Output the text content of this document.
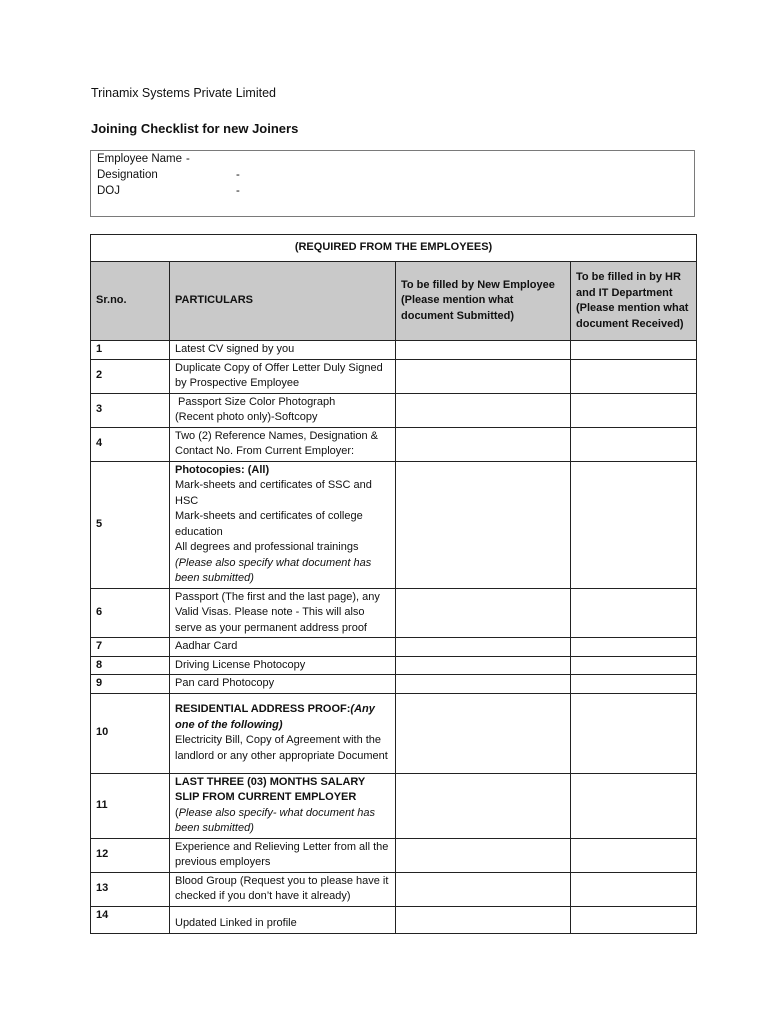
Trinamix Systems Private Limited
Joining Checklist for new Joiners
Employee Name -
Designation	-
DOJ	-
(REQUIRED FROM THE EMPLOYEES)			
Sr.no.	PARTICULARS	To be filled by New Employee (Please mention what document Submitted)	To be filled in by HR and IT Department (Please mention what document Received)
1	Latest CV signed by you		
2	Duplicate Copy of Offer Letter Duly Signed by Prospective Employee		
3	Passport Size Color Photograph
(Recent photo only)-Softcopy		

4	Two (2) Reference Names, Designation & Contact No. From Current Employer:		
5	Photocopies: (All)
Mark-sheets and certificates of SSC and HSC
Mark-sheets and certificates of college education
All degrees and professional trainings
(Please also specify what document has been submitted)		

6	Passport (The first and the last page), any Valid Visas. Please note - This will also serve as your permanent address proof		
7	Aadhar Card		
8	Driving License Photocopy		
9	Pan card Photocopy		
10	RESIDENTIAL ADDRESS PROOF:(Any one of the following)
Electricity Bill, Copy of Agreement with the landlord or any other appropriate Document		

11	LAST THREE (03) MONTHS SALARY SLIP FROM CURRENT EMPLOYER
(Please also specify- what document has been submitted)		

12	Experience and Relieving Letter from all the previous employers		
13	Blood Group (Request you to please have it checked if you don’t have it already)		
14	Updated Linked in profile		
